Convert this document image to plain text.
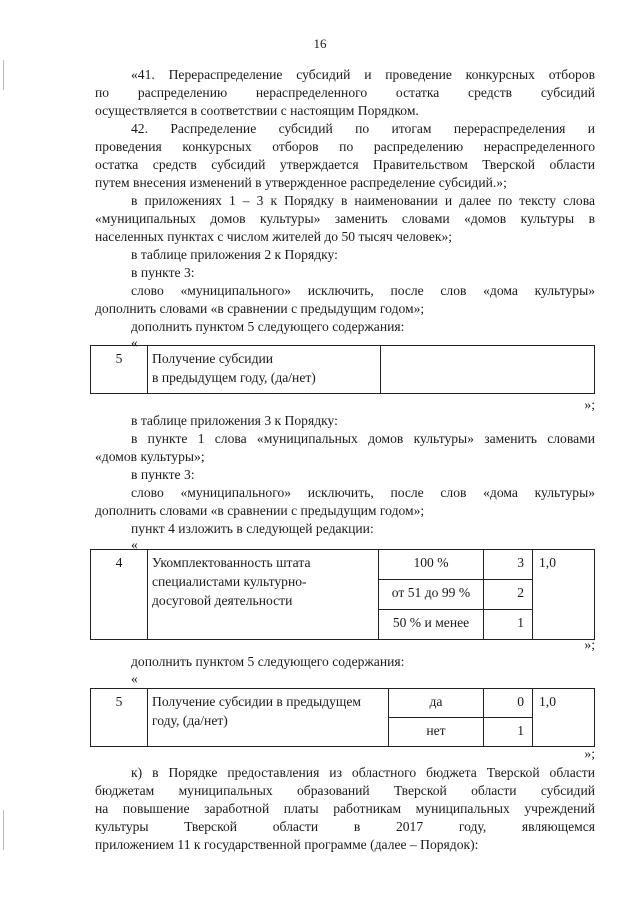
16
«41. Перераспределение субсидий и проведение конкурсных отборов
по распределению нераспределенного остатка средств субсидий
осуществляется в соответствии с настоящим Порядком.
42. Распределение субсидий по итогам перераспределения и
проведения конкурсных отборов по распределению нераспределенного
остатка средств субсидий утверждается Правительством Тверской области
путем внесения изменений в утвержденное распределение субсидий.»;
в приложениях 1 – 3 к Порядку в наименовании и далее по тексту слова
«муниципальных домов культуры» заменить словами «домов культуры в
населенных пунктах с числом жителей до 50 тысяч человек»;
в таблице приложения 2 к Порядку:
в пункте 3:
слово «муниципального» исключить, после слов «дома культуры»
дополнить словами «в сравнении с предыдущим годом»;
дополнить пунктом 5 следующего содержания:
«
5	Получение субсидии
в предыдущем году, (да/нет)

»;
в таблице приложения 3 к Порядку:
в пункте 1 слова «муниципальных домов культуры» заменить словами
«домов культуры»;
в пункте 3:
слово «муниципального» исключить, после слов «дома культуры»
дополнить словами «в сравнении с предыдущим годом»;
пункт 4 изложить в следующей редакции:
«
4	Укомплектованность штата
специалистами культурно-
досуговой деятельности	100 %	3	1,0
		от 51 до 99 %	2	
		50 % и менее	1	
»;
дополнить пунктом 5 следующего содержания:
«
5	Получение субсидии в предыдущем
году, (да/нет)	да	0	1,0
		нет	1	
»;
к) в Порядке предоставления из областного бюджета Тверской области
бюджетам муниципальных образований Тверской области субсидий
на повышение заработной платы работникам муниципальных учреждений
культуры Тверской области в 2017 году, являющемся
приложением 11 к государственной программе (далее – Порядок):
